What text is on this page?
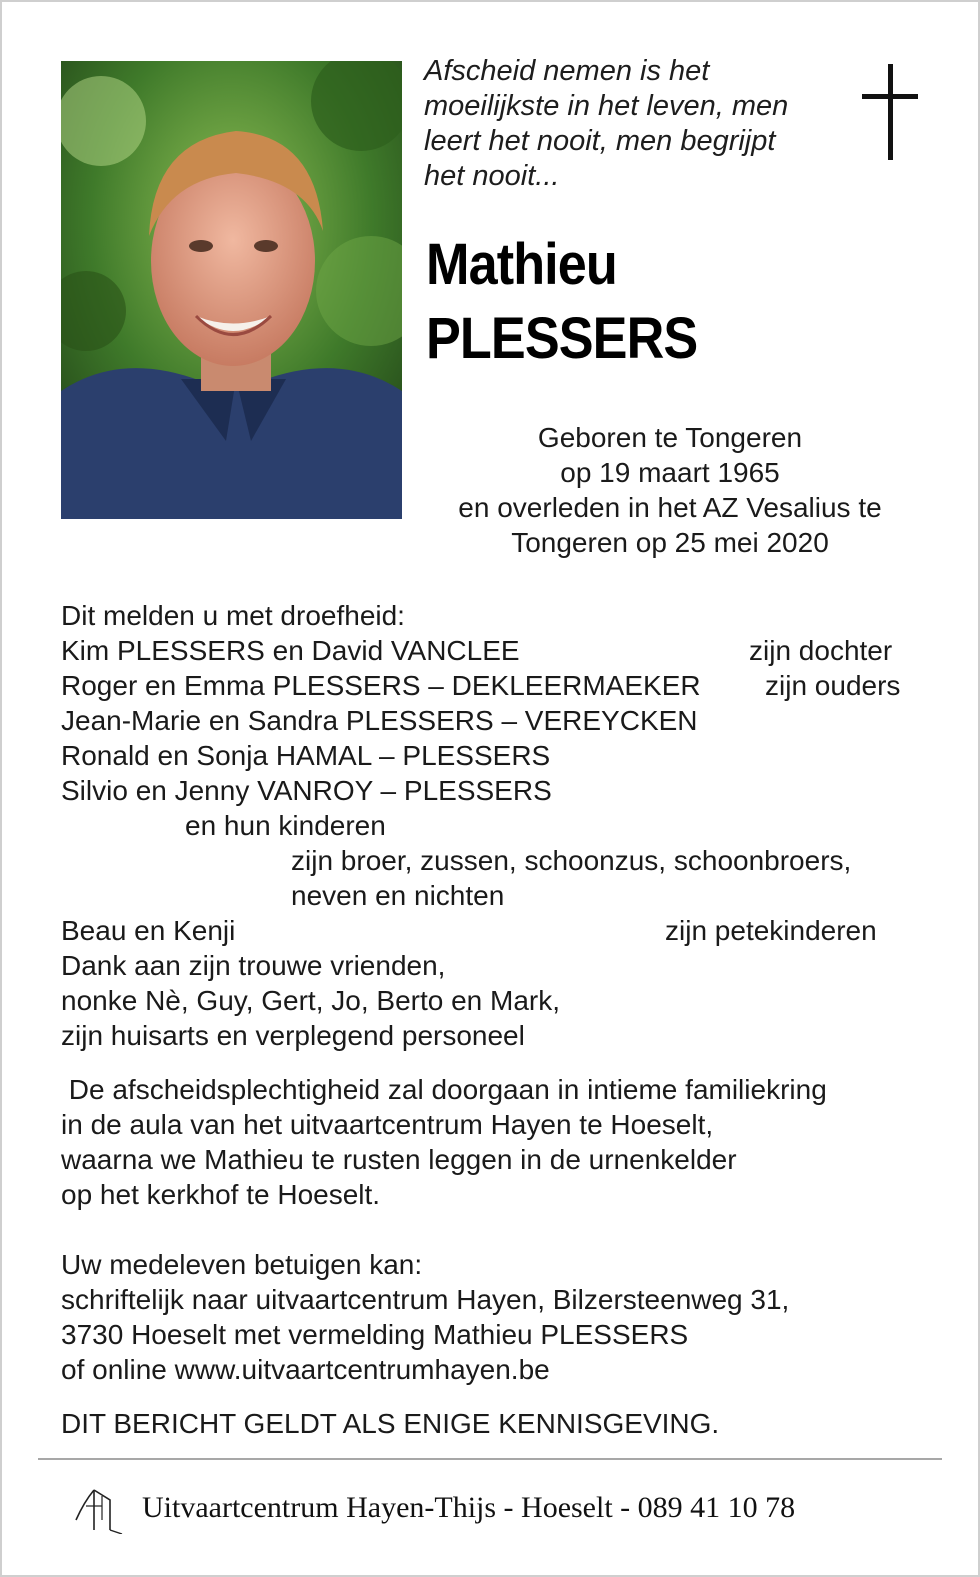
Afscheid nemen is het
moeilijkste in het leven, men
leert het nooit, men begrijpt
het nooit...
Mathieu
PLESSERS
Geboren te Tongeren
op 19 maart 1965
en overleden in het AZ Vesalius te
Tongeren op 25 mei 2020
Dit melden u met droefheid:
Kim PLESSERS en David VANCLEE	zijn dochter
Roger en Emma PLESSERS – DEKLEERMAEKER zijn ouders
Jean-Marie en Sandra PLESSERS – VEREYCKEN
Ronald en Sonja HAMAL – PLESSERS
Silvio en Jenny VANROY – PLESSERS
en hun kinderen
zijn broer, zussen, schoonzus, schoonbroers,
neven en nichten
Beau en Kenji	zijn petekinderen
Dank aan zijn trouwe vrienden,
nonke Nè, Guy, Gert, Jo, Berto en Mark,
zijn huisarts en verplegend personeel
De afscheidsplechtigheid zal doorgaan in intieme familiekring
in de aula van het uitvaartcentrum Hayen te Hoeselt,
waarna we Mathieu te rusten leggen in de urnenkelder
op het kerkhof te Hoeselt.
Uw medeleven betuigen kan:
schriftelijk naar uitvaartcentrum Hayen, Bilzersteenweg 31,
3730 Hoeselt met vermelding Mathieu PLESSERS
of online www.uitvaartcentrumhayen.be
DIT BERICHT GELDT ALS ENIGE KENNISGEVING.
Uitvaartcentrum Hayen-Thijs - Hoeselt - 089 41 10 78
